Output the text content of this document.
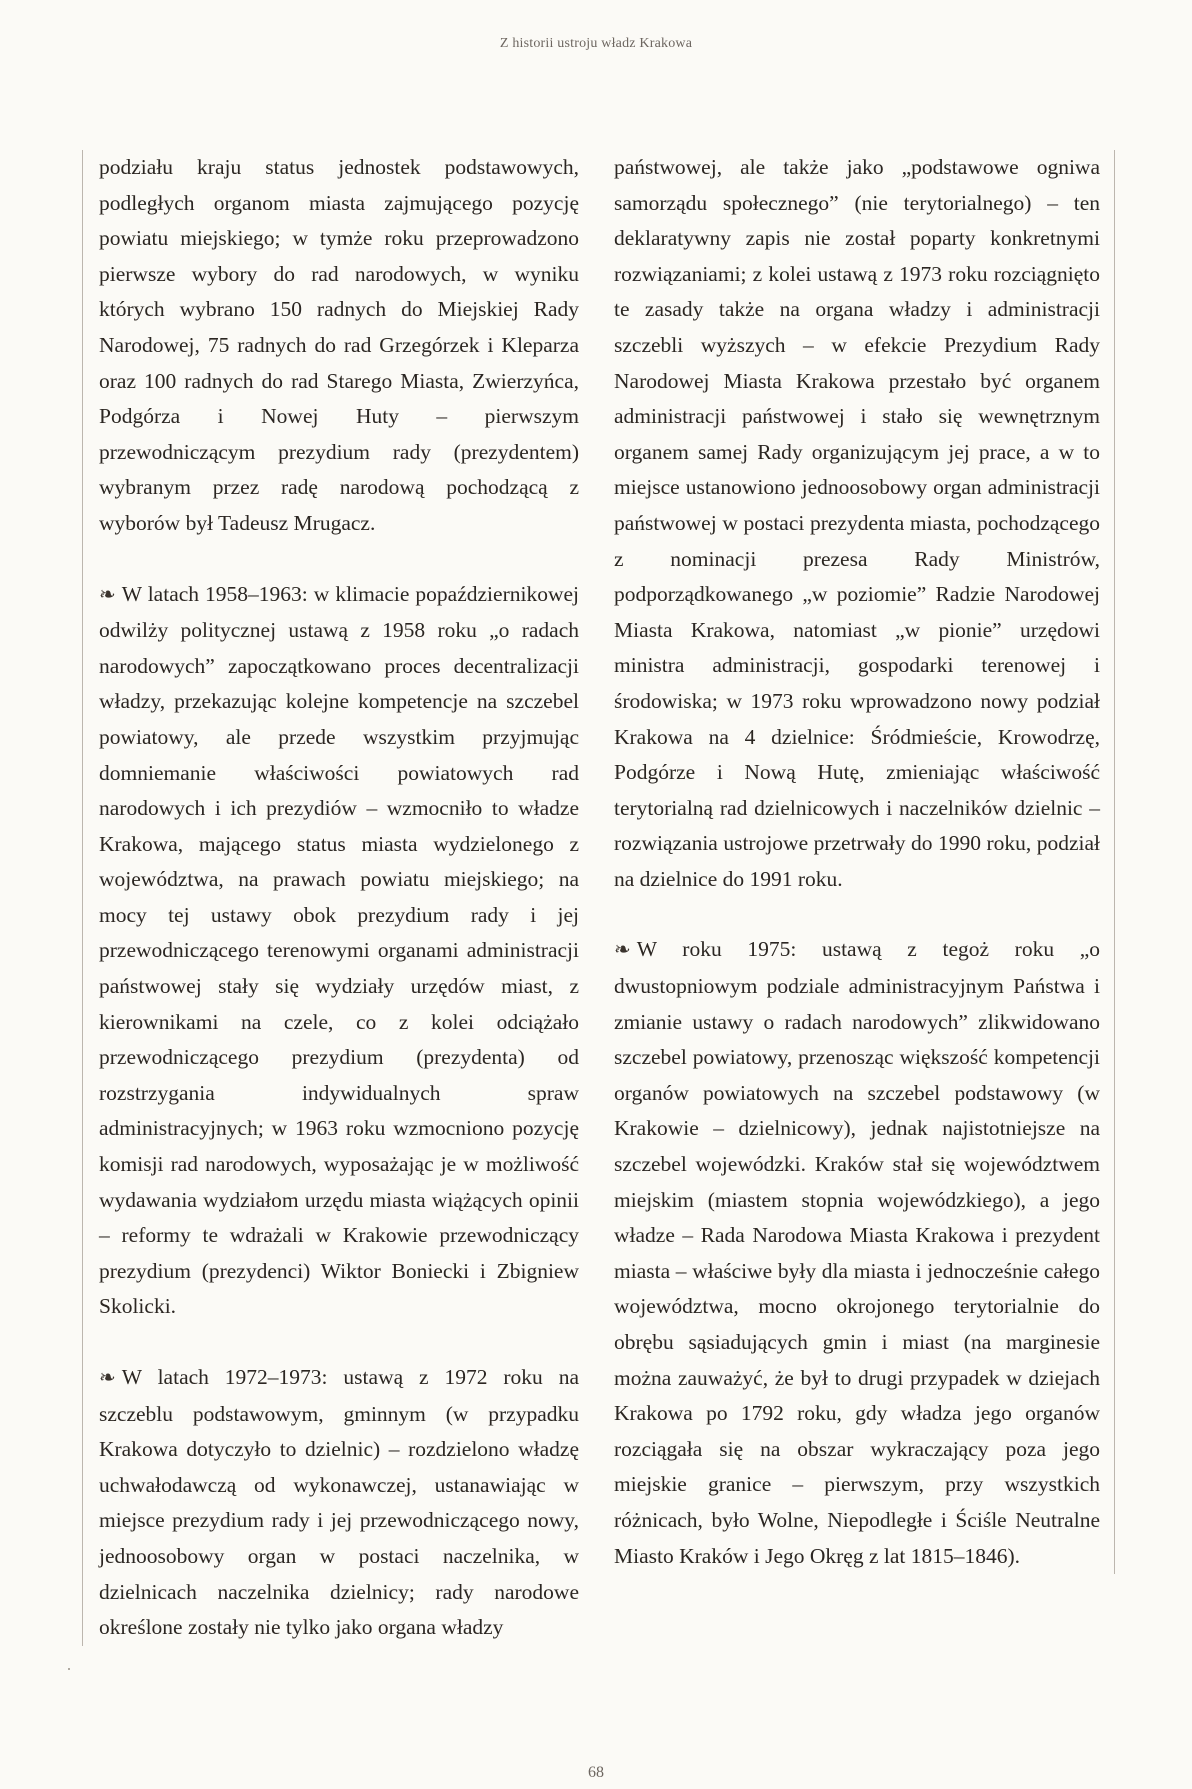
Z historii ustroju władz Krakowa

podziału kraju status jednostek podstawowych, podległych organom miasta zajmującego pozycję powiatu miejskiego; w tymże roku przeprowadzono pierwsze wybory do rad narodowych, w wyniku których wybrano 150 radnych do Miejskiej Rady Narodowej, 75 radnych do rad Grzegórzek i Kleparza oraz 100 radnych do rad Starego Miasta, Zwierzyńca, Podgórza i Nowej Huty – pierwszym przewodniczącym prezydium rady (prezydentem) wybranym przez radę narodową pochodzącą z wyborów był Tadeusz Mrugacz.

❧ W latach 1958–1963: w klimacie popaździernikowej odwilży politycznej ustawą z 1958 roku „o radach narodowych” zapoczątkowano proces decentralizacji władzy, przekazując kolejne kompetencje na szczebel powiatowy, ale przede wszystkim przyjmując domniemanie właściwości powiatowych rad narodowych i ich prezydiów – wzmocniło to władze Krakowa, mającego status miasta wydzielonego z województwa, na prawach powiatu miejskiego; na mocy tej ustawy obok prezydium rady i jej przewodniczącego terenowymi organami administracji państwowej stały się wydziały urzędów miast, z kierownikami na czele, co z kolei odciążało przewodniczącego prezydium (prezydenta) od rozstrzygania indywidualnych spraw administracyjnych; w 1963 roku wzmocniono pozycję komisji rad narodowych, wyposażając je w możliwość wydawania wydziałom urzędu miasta wiążących opinii – reformy te wdrażali w Krakowie przewodniczący prezydium (prezydenci) Wiktor Boniecki i Zbigniew Skolicki.

❧ W latach 1972–1973: ustawą z 1972 roku na szczeblu podstawowym, gminnym (w przypadku Krakowa dotyczyło to dzielnic) – rozdzielono władzę uchwałodawczą od wykonawczej, ustanawiając w miejsce prezydium rady i jej przewodniczącego nowy, jednoosobowy organ w postaci naczelnika, w dzielnicach naczelnika dzielnicy; rady narodowe określone zostały nie tylko jako organa władzy

państwowej, ale także jako „podstawowe ogniwa samorządu społecznego” (nie terytorialnego) – ten deklaratywny zapis nie został poparty konkretnymi rozwiązaniami; z kolei ustawą z 1973 roku rozciągnięto te zasady także na organa władzy i administracji szczebli wyższych – w efekcie Prezydium Rady Narodowej Miasta Krakowa przestało być organem administracji państwowej i stało się wewnętrznym organem samej Rady organizującym jej prace, a w to miejsce ustanowiono jednoosobowy organ administracji państwowej w postaci prezydenta miasta, pochodzącego z nominacji prezesa Rady Ministrów, podporządkowanego „w poziomie” Radzie Narodowej Miasta Krakowa, natomiast „w pionie” urzędowi ministra administracji, gospodarki terenowej i środowiska; w 1973 roku wprowadzono nowy podział Krakowa na 4 dzielnice: Śródmieście, Krowodrzę, Podgórze i Nową Hutę, zmieniając właściwość terytorialną rad dzielnicowych i naczelników dzielnic – rozwiązania ustrojowe przetrwały do 1990 roku, podział na dzielnice do 1991 roku.

❧ W roku 1975: ustawą z tegoż roku „o dwustopniowym podziale administracyjnym Państwa i zmianie ustawy o radach narodowych” zlikwidowano szczebel powiatowy, przenosząc większość kompetencji organów powiatowych na szczebel podstawowy (w Krakowie – dzielnicowy), jednak najistotniejsze na szczebel wojewódzki. Kraków stał się województwem miejskim (miastem stopnia wojewódzkiego), a jego władze – Rada Narodowa Miasta Krakowa i prezydent miasta – właściwe były dla miasta i jednocześnie całego województwa, mocno okrojonego terytorialnie do obrębu sąsiadujących gmin i miast (na marginesie można zauważyć, że był to drugi przypadek w dziejach Krakowa po 1792 roku, gdy władza jego organów rozciągała się na obszar wykraczający poza jego miejskie granice – pierwszym, przy wszystkich różnicach, było Wolne, Niepodległe i Ściśle Neutralne Miasto Kraków i Jego Okręg z lat 1815–1846).

68
